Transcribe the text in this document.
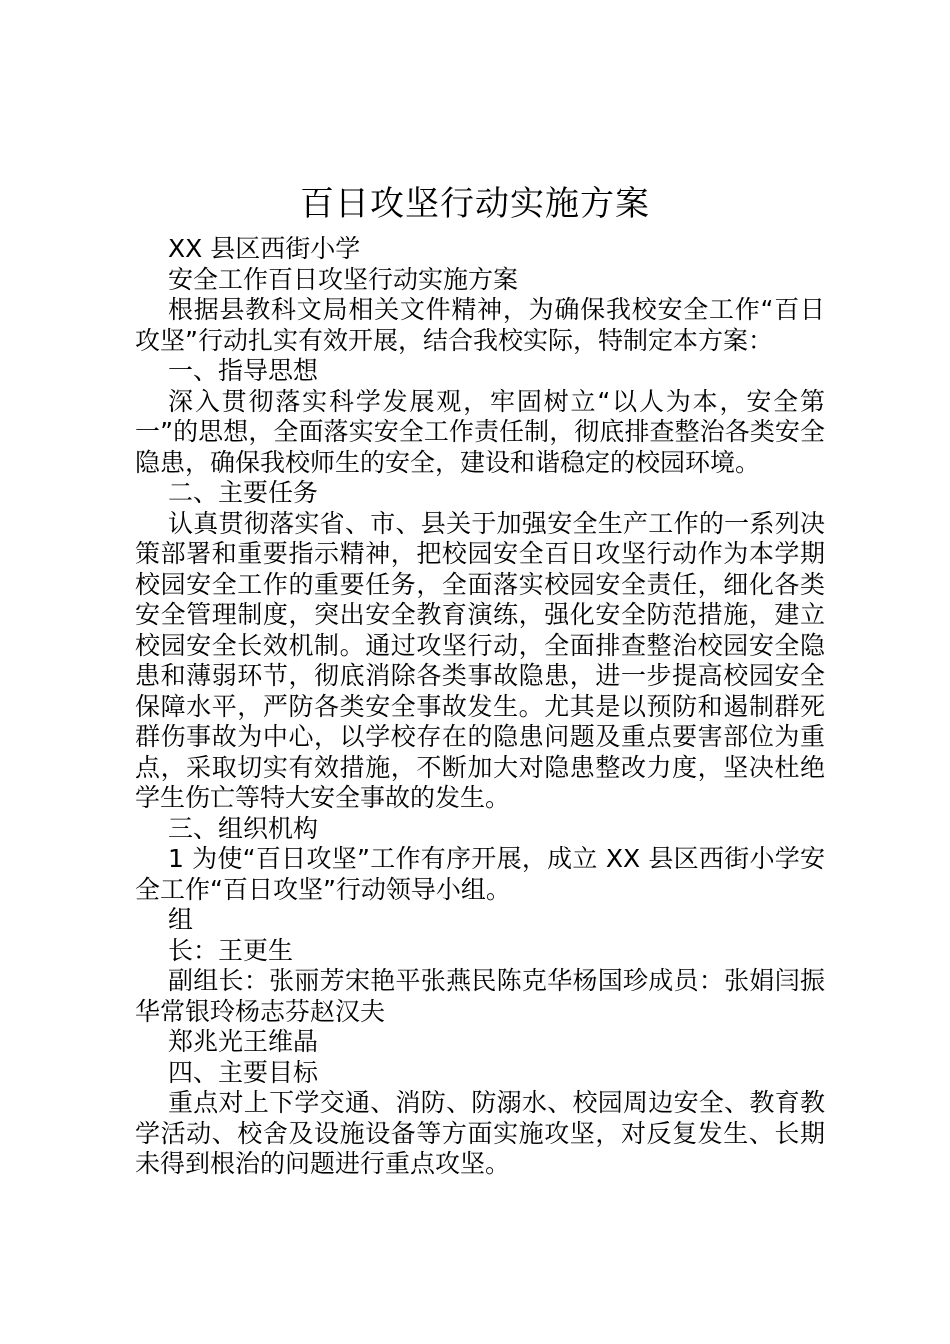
百日攻坚行动实施方案

XX 县区西街小学

安全工作百日攻坚行动实施方案

根据县教科文局相关文件精神，为确保我校安全工作“百日攻坚”行动扎实有效开展，结合我校实际，特制定本方案：

一、指导思想

深入贯彻落实科学发展观，牢固树立“以人为本，安全第一”的思想，全面落实安全工作责任制，彻底排查整治各类安全隐患，确保我校师生的安全，建设和谐稳定的校园环境。

二、主要任务

认真贯彻落实省、市、县关于加强安全生产工作的一系列决策部署和重要指示精神，把校园安全百日攻坚行动作为本学期校园安全工作的重要任务，全面落实校园安全责任，细化各类安全管理制度，突出安全教育演练，强化安全防范措施，建立校园安全长效机制。通过攻坚行动，全面排查整治校园安全隐患和薄弱环节，彻底消除各类事故隐患，进一步提高校园安全保障水平，严防各类安全事故发生。尤其是以预防和遏制群死群伤事故为中心，以学校存在的隐患问题及重点要害部位为重点，采取切实有效措施，不断加大对隐患整改力度，坚决杜绝学生伤亡等特大安全事故的发生。

三、组织机构

1 为使“百日攻坚”工作有序开展，成立 XX 县区西街小学安全工作“百日攻坚”行动领导小组。

组

长：王更生

副组长：张丽芳宋艳平张燕民陈克华杨国珍成员：张娟闫振华常银玲杨志芬赵汉夫

郑兆光王维晶

四、主要目标

重点对上下学交通、消防、防溺水、校园周边安全、教育教学活动、校舍及设施设备等方面实施攻坚，对反复发生、长期未得到根治的问题进行重点攻坚。
